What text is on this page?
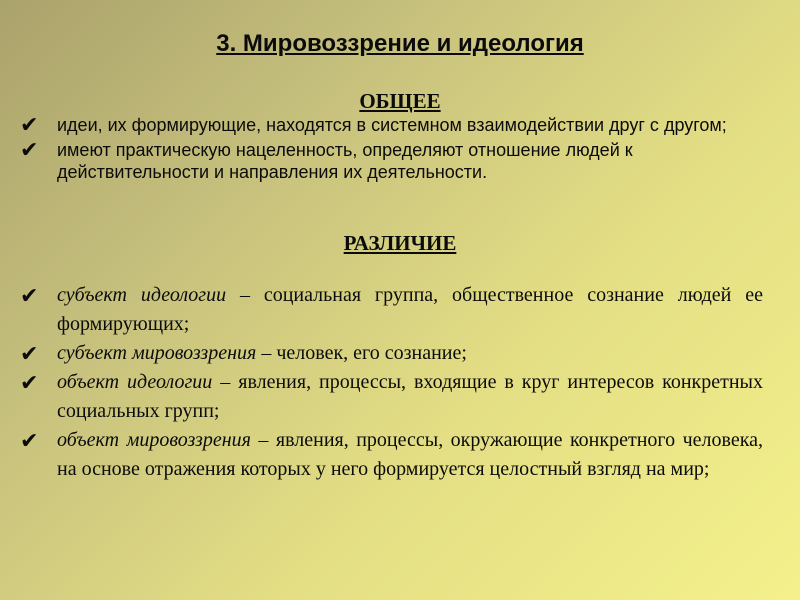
3. Мировоззрение и идеология
ОБЩЕЕ
✔ идеи, их формирующие, находятся в системном взаимодействии друг с другом;
✔ имеют практическую нацеленность, определяют отношение людей к действительности и направления их деятельности.
РАЗЛИЧИЕ
✔ субъект идеологии – социальная группа, общественное сознание людей ее формирующих;
✔ субъект мировоззрения – человек, его сознание;
✔ объект идеологии – явления, процессы, входящие в круг интересов конкретных социальных групп;
✔ объект мировоззрения – явления, процессы, окружающие конкретного человека, на основе отражения которых у него формируется целостный взгляд на мир;
